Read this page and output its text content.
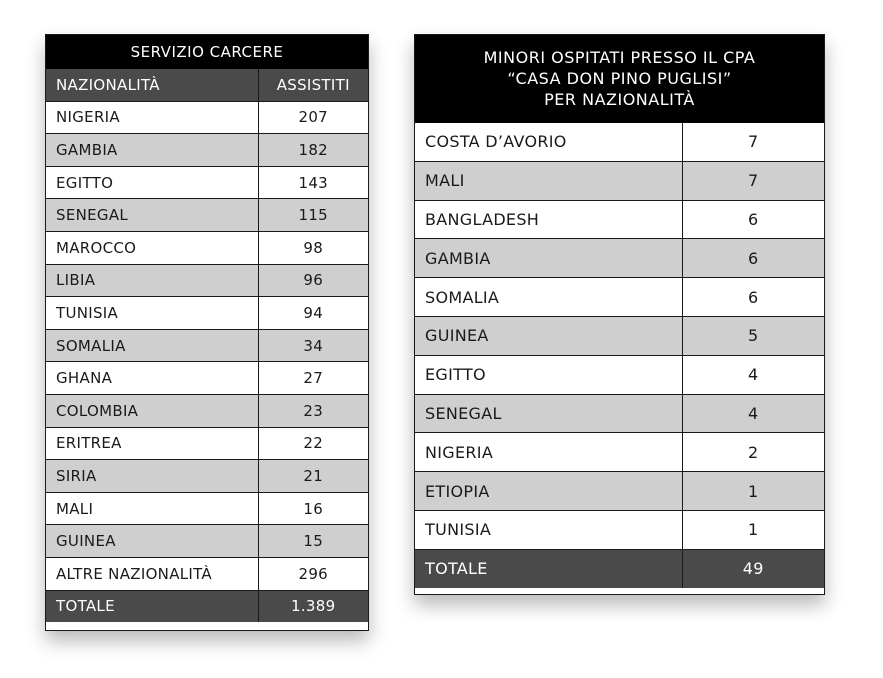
SERVIZIO CARCERE
NAZIONALITÀ	ASSISTITI
NIGERIA	207
GAMBIA	182
EGITTO	143
SENEGAL	115
MAROCCO	98
LIBIA	96
TUNISIA	94
SOMALIA	34
GHANA	27
COLOMBIA	23
ERITREA	22
SIRIA	21
MALI	16
GUINEA	15
ALTRE NAZIONALITÀ	296
TOTALE	1.389
MINORI OSPITATI PRESSO IL CPA
“CASA DON PINO PUGLISI”
PER NAZIONALITÀ
COSTA D’AVORIO	7
MALI	7
BANGLADESH	6
GAMBIA	6
SOMALIA	6
GUINEA	5
EGITTO	4
SENEGAL	4
NIGERIA	2
ETIOPIA	1
TUNISIA	1
TOTALE	49
